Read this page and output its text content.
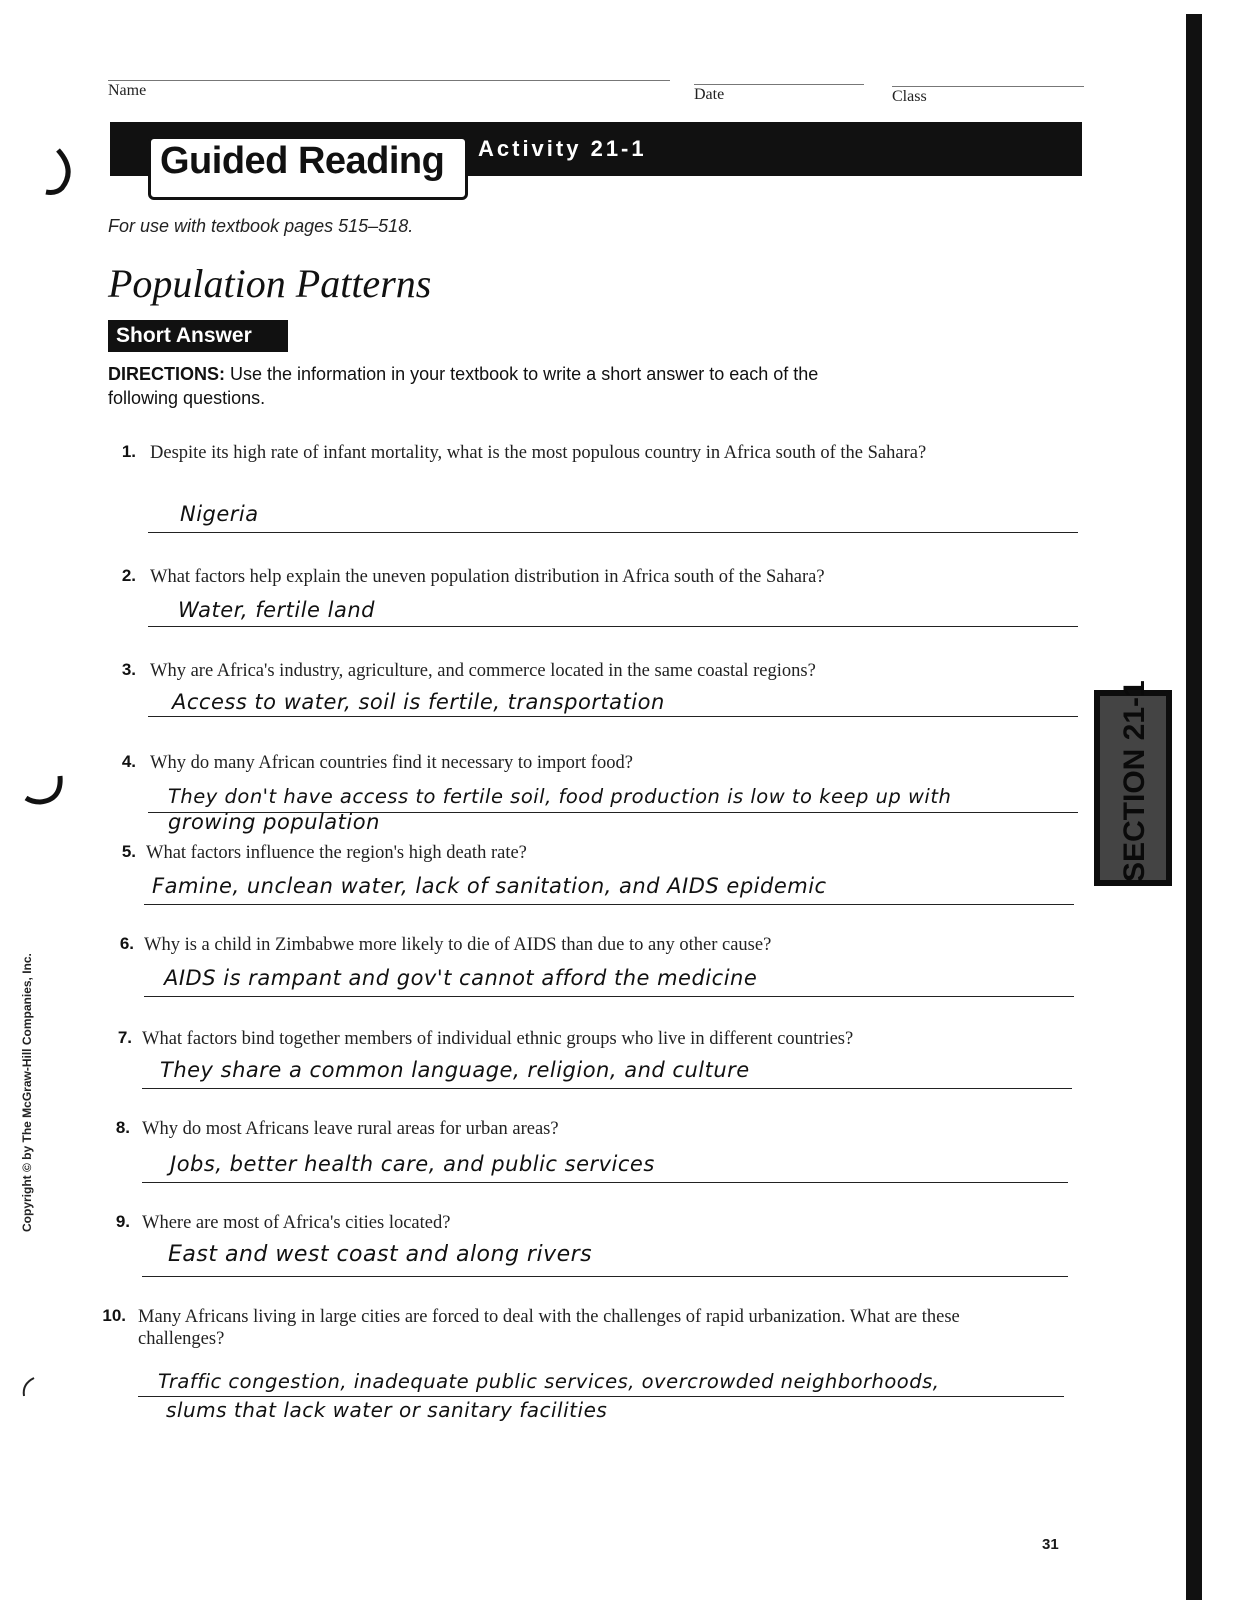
Name	Date	Class
Guided Reading Activity 21-1
For use with textbook pages 515–518.
Population Patterns
Short Answer
DIRECTIONS: Use the information in your textbook to write a short answer to each of the following questions.
1. Despite its high rate of infant mortality, what is the most populous country in Africa south of the Sahara?
Nigeria
2. What factors help explain the uneven population distribution in Africa south of the Sahara?
Water, fertile land
3. Why are Africa's industry, agriculture, and commerce located in the same coastal regions?
Access to water, soil is fertile, transportation
4. Why do many African countries find it necessary to import food?
They don't have access to fertile soil, food production is low to keep up with
growing population
5. What factors influence the region's high death rate?
Famine, unclean water, lack of sanitation, and AIDS epidemic
6. Why is a child in Zimbabwe more likely to die of AIDS than due to any other cause?
AIDS is rampant and gov't cannot afford the medicine
7. What factors bind together members of individual ethnic groups who live in different countries?
They share a common language, religion, and culture
8. Why do most Africans leave rural areas for urban areas?
Jobs, better health care, and public services
9. Where are most of Africa's cities located?
East and west coast and along rivers
10. Many Africans living in large cities are forced to deal with the challenges of rapid urbanization. What are these challenges?
Traffic congestion, inadequate public services, overcrowded neighborhoods,
slums that lack water or sanitary facilities
Copyright © by The McGraw-Hill Companies, Inc.
SECTION 21-1
31
